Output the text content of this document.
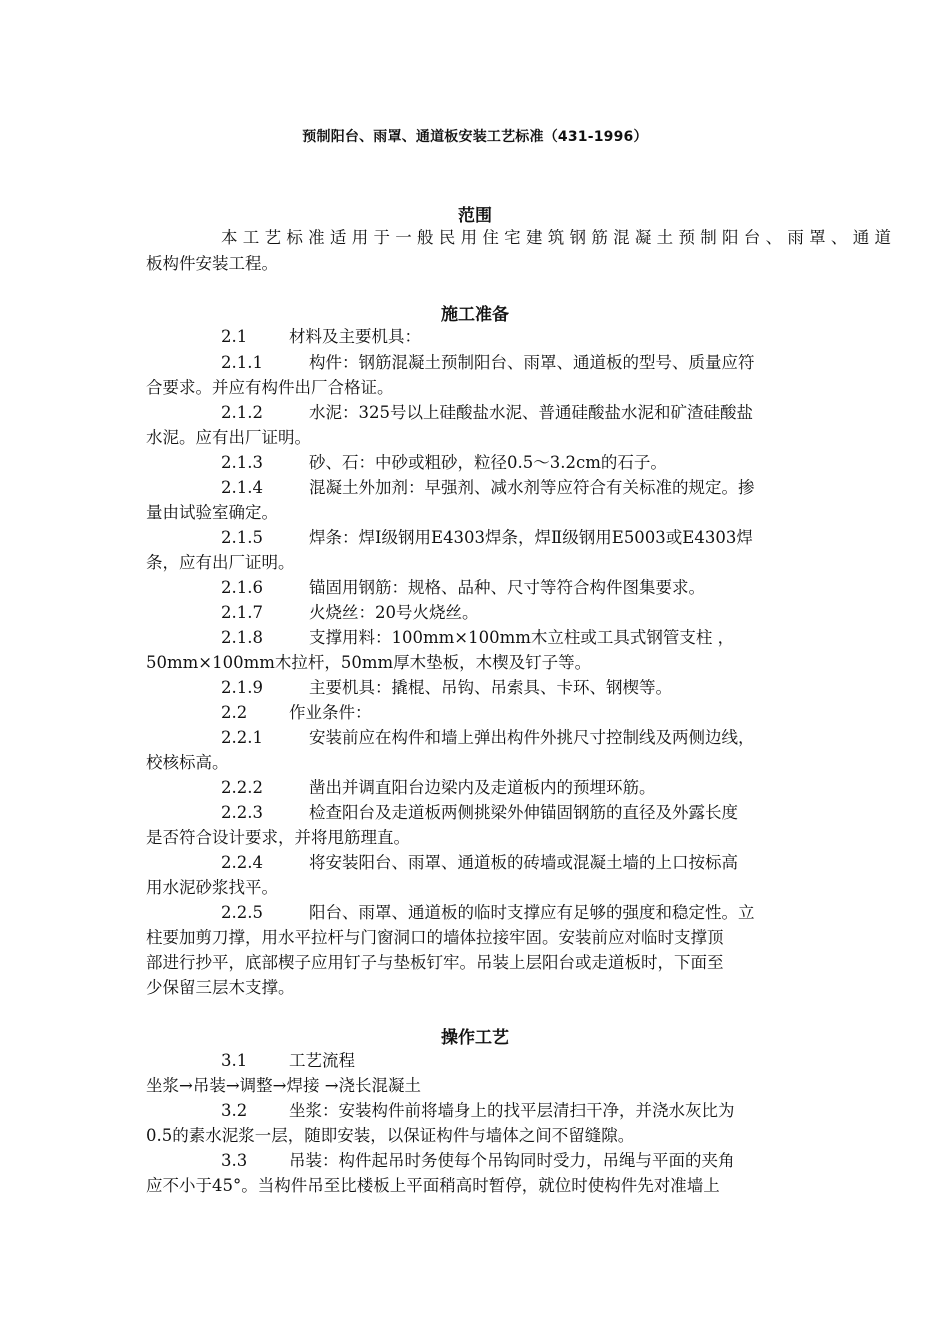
预制阳台、雨罩、通道板安装工艺标准（431-1996）
范围
本工艺标准适用于一般民用住宅建筑钢筋混凝土预制阳台、雨罩、通道
板构件安装工程。
施工准备
2.1	材料及主要机具：
2.1.1	构件：钢筋混凝土预制阳台、雨罩、通道板的型号、质量应符
合要求。并应有构件出厂合格证。
2.1.2	水泥：325号以上硅酸盐水泥、普通硅酸盐水泥和矿渣硅酸盐
水泥。应有出厂证明。
2.1.3	砂、石：中砂或粗砂，粒径0.5～3.2cm的石子。
2.1.4	混凝土外加剂：早强剂、减水剂等应符合有关标准的规定。掺
量由试验室确定。
2.1.5	焊条：焊Ⅰ级钢用E4303焊条，焊Ⅱ级钢用E5003或E4303焊
条，应有出厂证明。
2.1.6	锚固用钢筋：规格、品种、尺寸等符合构件图集要求。
2.1.7	火烧丝：20号火烧丝。
2.1.8	支撑用料：100mm×100mm木立柱或工具式钢管支柱 ，
50mm×100mm木拉杆，50mm厚木垫板，木楔及钉子等。
2.1.9	主要机具：撬棍、吊钩、吊索具、卡环、钢楔等。
2.2	作业条件：
2.2.1	安装前应在构件和墙上弹出构件外挑尺寸控制线及两侧边线，
校核标高。
2.2.2	凿出并调直阳台边梁内及走道板内的预埋环筋。
2.2.3	检查阳台及走道板两侧挑梁外伸锚固钢筋的直径及外露长度
是否符合设计要求，并将甩筋理直。
2.2.4	将安装阳台、雨罩、通道板的砖墙或混凝土墙的上口按标高
用水泥砂浆找平。
2.2.5	阳台、雨罩、通道板的临时支撑应有足够的强度和稳定性。立
柱要加剪刀撑，用水平拉杆与门窗洞口的墙体拉接牢固。安装前应对临时支撑顶
部进行抄平，底部楔子应用钉子与垫板钉牢。吊装上层阳台或走道板时，下面至
少保留三层木支撑。
操作工艺
3.1	工艺流程
坐浆→吊装→调整→焊接 →浇长混凝土
3.2	坐浆：安装构件前将墙身上的找平层清扫干净，并浇水灰比为
0.5的素水泥浆一层，随即安装，以保证构件与墙体之间不留缝隙。
3.3	吊装：构件起吊时务使每个吊钩同时受力，吊绳与平面的夹角
应不小于45°。当构件吊至比楼板上平面稍高时暂停，就位时使构件先对准墙上
